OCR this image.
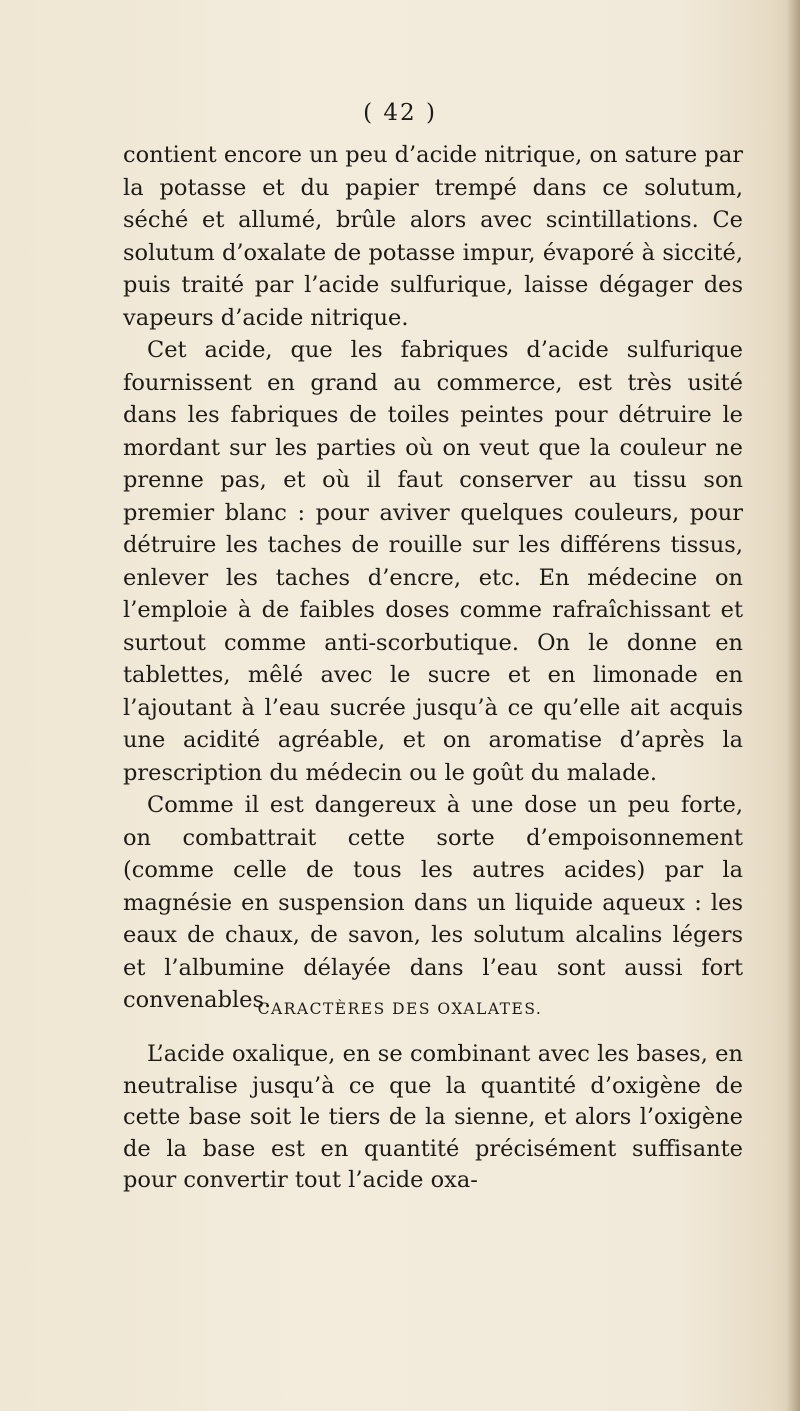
( 42 )

contient encore un peu d’acide nitrique, on sature par la potasse et du papier trempé dans ce solutum, séché et allumé, brûle alors avec scintillations. Ce solutum d’oxalate de potasse impur, évaporé à siccité, puis traité par l’acide sulfurique, laisse dégager des vapeurs d’acide nitrique.

Cet acide, que les fabriques d’acide sulfurique fournissent en grand au commerce, est très usité dans les fabriques de toiles peintes pour détruire le mordant sur les parties où on veut que la couleur ne prenne pas, et où il faut conserver au tissu son premier blanc : pour aviver quelques couleurs, pour détruire les taches de rouille sur les différens tissus, enlever les taches d’encre, etc. En médecine on l’emploie à de faibles doses comme rafraîchissant et surtout comme anti-scorbutique. On le donne en tablettes, mêlé avec le sucre et en limonade en l’ajoutant à l’eau sucrée jusqu’à ce qu’elle ait acquis une acidité agréable, et on aromatise d’après la prescription du médecin ou le goût du malade.

Comme il est dangereux à une dose un peu forte, on combattrait cette sorte d’empoisonnement (comme celle de tous les autres acides) par la magnésie en suspension dans un liquide aqueux : les eaux de chaux, de savon, les solutum alcalins légers et l’albumine délayée dans l’eau sont aussi fort convenables.

CARACTÈRES DES OXALATES.

L’acide oxalique, en se combinant avec les bases, en neutralise jusqu’à ce que la quantité d’oxigène de cette base soit le tiers de la sienne, et alors l’oxigène de la base est en quantité précisément suffisante pour convertir tout l’acide oxa-
